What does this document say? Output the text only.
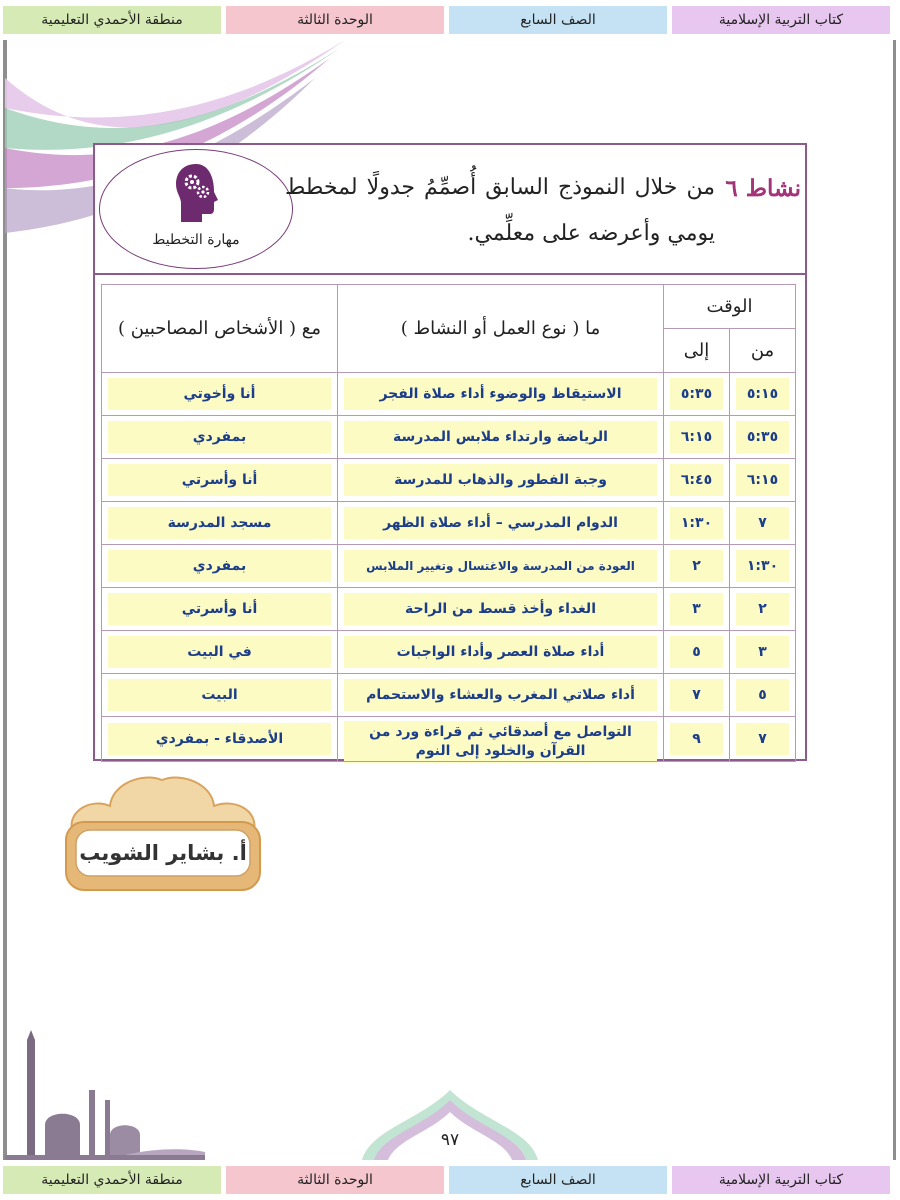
منطقة الأحمدي التعليمية	الوحدة الثالثة	الصف السابع	كتاب التربية الإسلامية
مهارة التخطيط
نشاط ٦
من خلال النموذج السابق أُصمِّمُ جدولًا لمخطط يومي وأعرضه على معلِّمي.
الوقت		ما ( نوع العمل أو النشاط )	مع ( الأشخاص المصاحبين )
من	إلى		

٥:١٥	٥:٣٥	الاستيقاظ والوضوء أداء صلاة الفجر	أنا وأخوتي

٥:٣٥	٦:١٥	الرياضة وارتداء ملابس المدرسة	بمفردي

٦:١٥	٦:٤٥	وجبة الفطور والذهاب للمدرسة	أنا وأسرتي

٧	١:٣٠	الدوام المدرسي – أداء صلاة الظهر	مسجد المدرسة

١:٣٠	٢	العودة من المدرسة والاغتسال وتغيير الملابس	بمفردي

٢	٣	الغداء وأخذ قسط من الراحة	أنا وأسرتي

٣	٥	أداء صلاة العصر وأداء الواجبات	في البيت

٥	٧	أداء صلاتي المغرب والعشاء والاستحمام	البيت

٧	٩	التواصل مع أصدقائي ثم قراءة ورد من القرآن والخلود إلى النوم	الأصدقاء - بمفردي
أ. بشاير الشويب
٩٧
منطقة الأحمدي التعليمية	الوحدة الثالثة	الصف السابع	كتاب التربية الإسلامية
